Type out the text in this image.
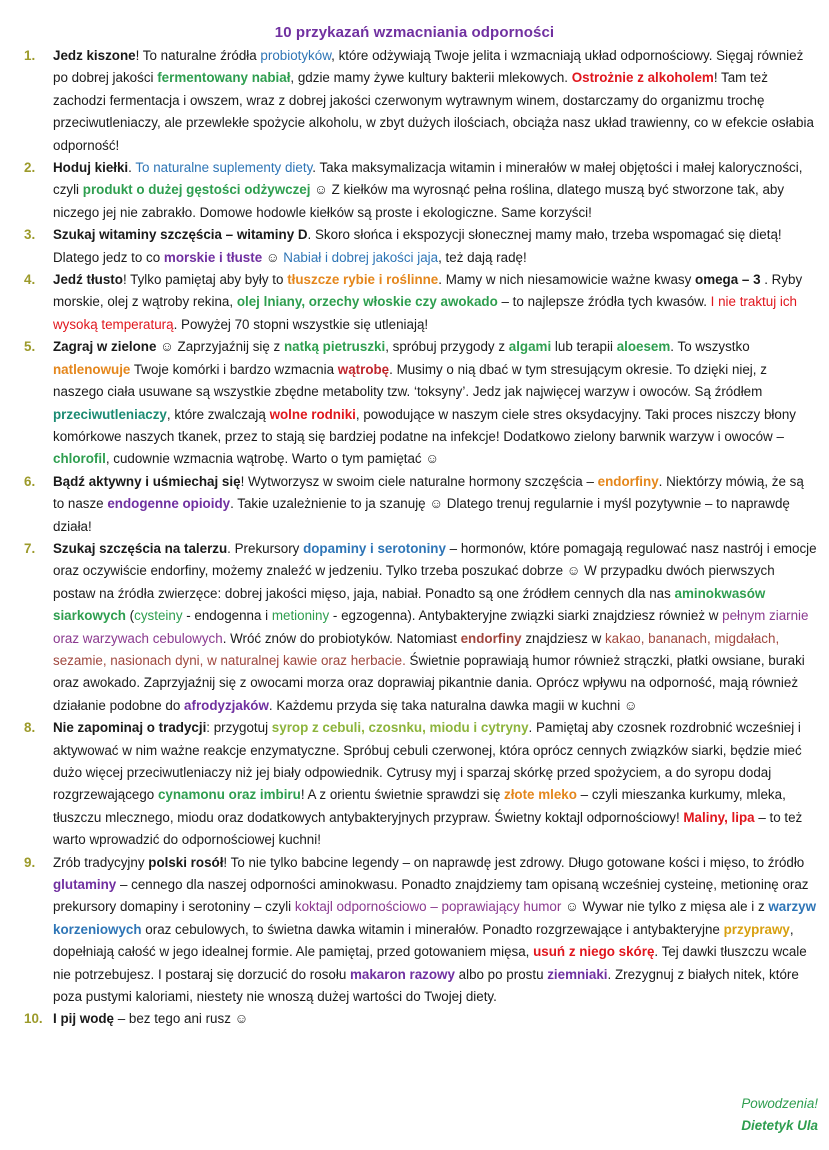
10 przykazań wzmacniania odporności
1. Jedz kiszone! To naturalne źródła probiotyków, które odżywiają Twoje jelita i wzmacniają układ odpornościowy. Sięgaj również po dobrej jakości fermentowany nabiał, gdzie mamy żywe kultury bakterii mlekowych. Ostrożnie z alkoholem! Tam też zachodzi fermentacja i owszem, wraz z dobrej jakości czerwonym wytrawnym winem, dostarczamy do organizmu trochę przeciwutleniaczy, ale przewlekłe spożycie alkoholu, w zbyt dużych ilościach, obciąża nasz układ trawienny, co w efekcie osłabia odporność!
2. Hoduj kiełki. To naturalne suplementy diety. Taka maksymalizacja witamin i minerałów w małej objętości i małej kaloryczności, czyli produkt o dużej gęstości odżywczej ☺ Z kiełków ma wyrosnąć pełna roślina, dlatego muszą być stworzone tak, aby niczego jej nie zabrakło. Domowe hodowle kiełków są proste i ekologiczne. Same korzyści!
3. Szukaj witaminy szczęścia – witaminy D. Skoro słońca i ekspozycji słonecznej mamy mało, trzeba wspomagać się dietą! Dlatego jedz to co morskie i tłuste ☺ Nabiał i dobrej jakości jaja, też dają radę!
4. Jedź tłusto! Tylko pamiętaj aby były to tłuszcze rybie i roślinne. Mamy w nich niesamowicie ważne kwasy omega – 3 . Ryby morskie, olej z wątroby rekina, olej lniany, orzechy włoskie czy awokado – to najlepsze źródła tych kwasów. I nie traktuj ich wysoką temperaturą. Powyżej 70 stopni wszystkie się utleniają!
5. Zagraj w zielone ☺ Zaprzyjaźnij się z natką pietruszki, spróbuj przygody z algami lub terapii aloesem. To wszystko natlenowuje Twoje komórki i bardzo wzmacnia wątrobę. Musimy o nią dbać w tym stresującym okresie. To dzięki niej, z naszego ciała usuwane są wszystkie zbędne metabolity tzw. ‘toksyny’. Jedz jak najwięcej warzyw i owoców. Są źródłem przeciwutleniaczy, które zwalczają wolne rodniki, powodujące w naszym ciele stres oksydacyjny. Taki proces niszczy błony komórkowe naszych tkanek, przez to stają się bardziej podatne na infekcje! Dodatkowo zielony barwnik warzyw i owoców – chlorofil, cudownie wzmacnia wątrobę. Warto o tym pamiętać ☺
6. Bądź aktywny i uśmiechaj się! Wytworzysz w swoim ciele naturalne hormony szczęścia – endorfiny. Niektórzy mówią, że są to nasze endogenne opioidy. Takie uzależnienie to ja szanuję ☺ Dlatego trenuj regularnie i myśl pozytywnie – to naprawdę działa!
7. Szukaj szczęścia na talerzu. Prekursory dopaminy i serotoniny – hormonów, które pomagają regulować nasz nastrój i emocje oraz oczywiście endorfiny, możemy znaleźć w jedzeniu. Tylko trzeba poszukać dobrze ☺ W przypadku dwóch pierwszych postaw na źródła zwierzęce: dobrej jakości mięso, jaja, nabiał. Ponadto są one źródłem cennych dla nas aminokwasów siarkowych (cysteiny - endogenna i metioniny - egzogenna). Antybakteryjne związki siarki znajdziesz również w pełnym ziarnie oraz warzywach cebulowych. Wróć znów do probiotyków. Natomiast endorfiny znajdziesz w kakao, bananach, migdałach, sezamie, nasionach dyni, w naturalnej kawie oraz herbacie. Świetnie poprawiają humor również strączki, płatki owsiane, buraki oraz awokado. Zaprzyjaźnij się z owocami morza oraz doprawiaj pikantnie dania. Oprócz wpływu na odporność, mają również działanie podobne do afrodyzjaków. Każdemu przyda się taka naturalna dawka magii w kuchni ☺
8. Nie zapominaj o tradycji: przygotuj syrop z cebuli, czosnku, miodu i cytryny. Pamiętaj aby czosnek rozdrobnić wcześniej i aktywować w nim ważne reakcje enzymatyczne. Spróbuj cebuli czerwonej, która oprócz cennych związków siarki, będzie mieć dużo więcej przeciwutleniaczy niż jej biały odpowiednik. Cytrusy myj i sparzaj skórkę przed spożyciem, a do syropu dodaj rozgrzewającego cynamonu oraz imbiru! A z orientu świetnie sprawdzi się złote mleko – czyli mieszanka kurkumy, mleka, tłuszczu mlecznego, miodu oraz dodatkowych antybakteryjnych przypraw. Świetny koktajl odpornościowy! Maliny, lipa – to też warto wprowadzić do odpornościowej kuchni!
9. Zrób tradycyjny polski rosół! To nie tylko babcine legendy – on naprawdę jest zdrowy. Długo gotowane kości i mięso, to źródło glutaminy – cennego dla naszej odporności aminokwasu. Ponadto znajdziemy tam opisaną wcześniej cysteinę, metioninę oraz prekursory domapiny i serotoniny – czyli koktajl odpornościowo – poprawiający humor ☺ Wywar nie tylko z mięsa ale i z warzyw korzeniowych oraz cebulowych, to świetna dawka witamin i minerałów. Ponadto rozgrzewające i antybakteryjne przyprawy, dopełniają całość w jego idealnej formie. Ale pamiętaj, przed gotowaniem mięsa, usuń z niego skórę. Tej dawki tłuszczu wcale nie potrzebujesz. I postaraj się dorzucić do rosołu makaron razowy albo po prostu ziemniaki. Zrezygnuj z białych nitek, które poza pustymi kaloriami, niestety nie wnoszą dużej wartości do Twojej diety.
10. I pij wodę – bez tego ani rusz ☺
Powodzenia!
Dietetyk Ula
